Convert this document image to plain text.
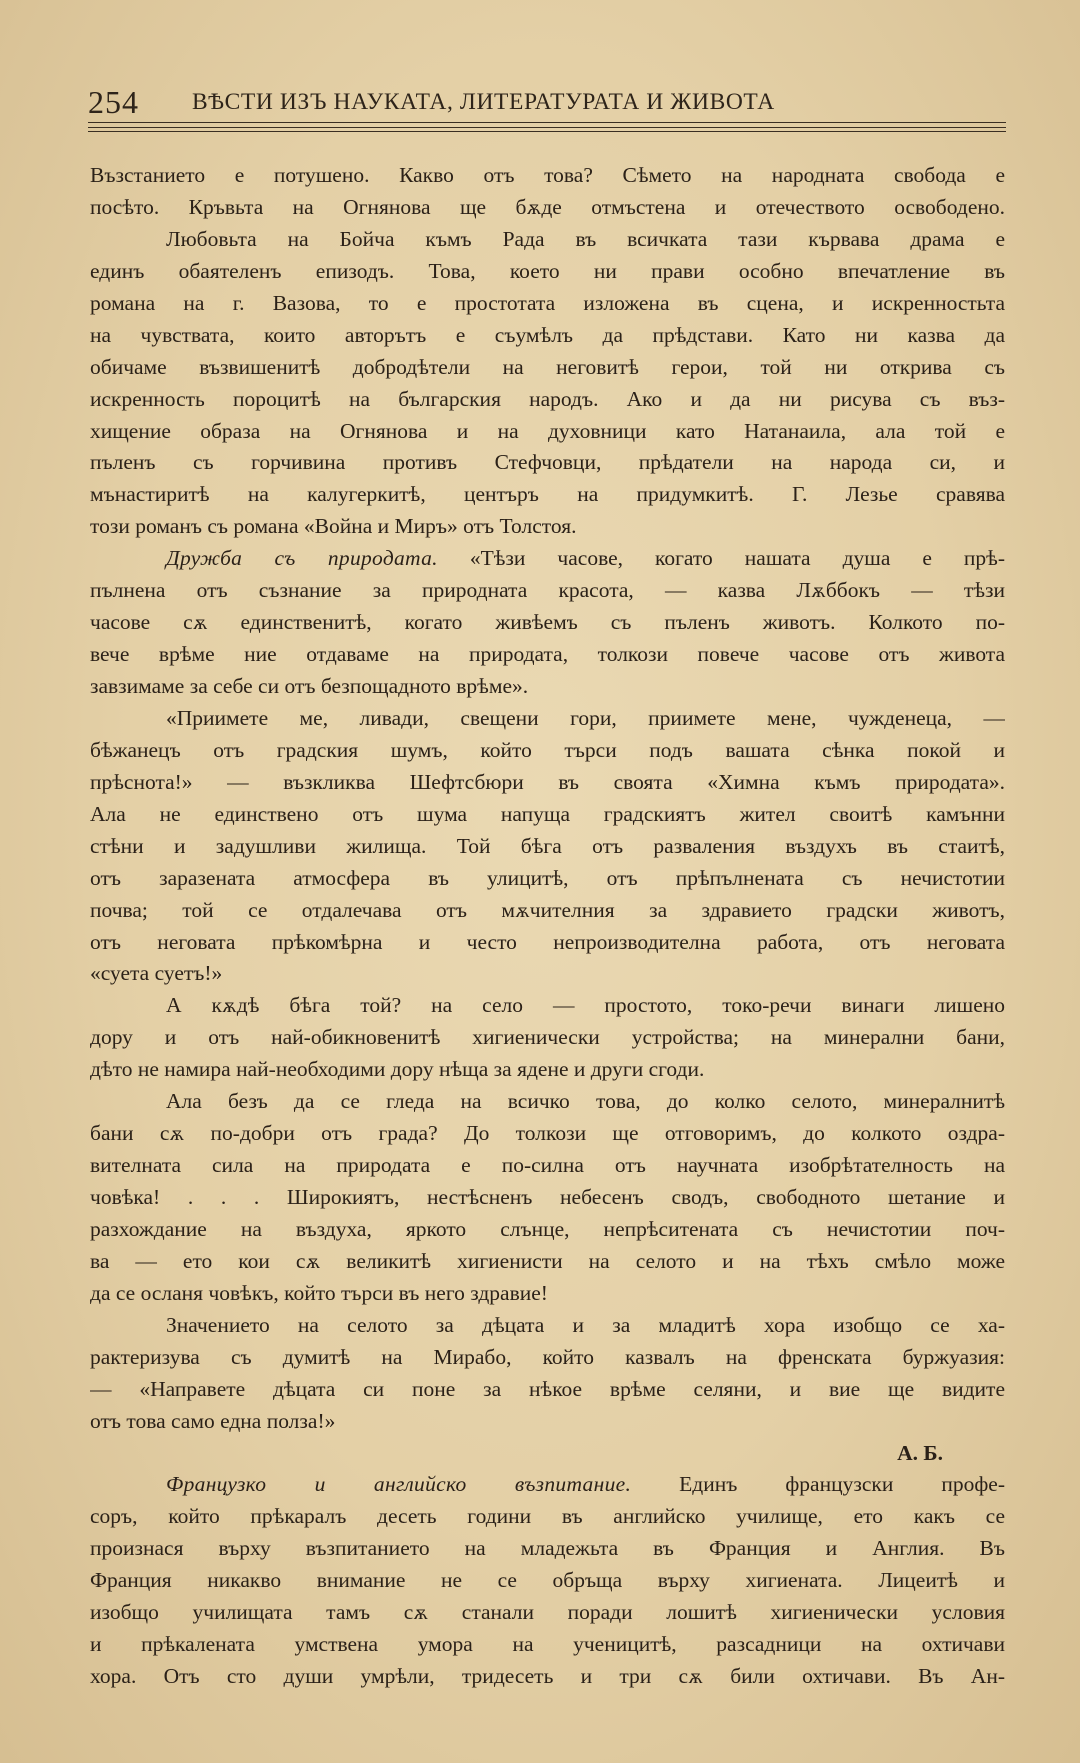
254 ВѢСТИ ИЗЪ НАУКАТА, ЛИТЕРАТУРАТА И ЖИВОТА
Възстанието е потушено. Какво отъ това? Сѣмето на народната свобода е
посѣто. Кръвьта на Огнянова ще бѫде отмъстена и отечеството освободено.
Любовьта на Бойча къмъ Рада въ всичката тази кървава драма е
единъ обаятеленъ епизодъ. Това, което ни прави особно впечатление въ
романа на г. Вазова, то е простотата изложена въ сцена, и искренностьта
на чувствата, които авторътъ е съумѣлъ да прѣдстави. Като ни казва да
обичаме възвишенитѣ добродѣтели на неговитѣ герои, той ни открива съ
искренность пороцитѣ на българския народъ. Ако и да ни рисува съ въз-
хищение образа на Огнянова и на духовници като Натанаила, ала той е
пъленъ съ горчивина противъ Стефчовци, прѣдатели на народа си, и
мънастиритѣ на калугеркитѣ, центъръ на придумкитѣ. Г. Лезье сравява
този романъ съ романа «Война и Миръ» отъ Толстоя.
Дружба съ природата. «Тѣзи часове, когато нашата душа е прѣ-
пълнена отъ съзнание за природната красота, — казва Лѫббокъ — тѣзи
часове сѫ единственитѣ, когато живѣемъ съ пъленъ животъ. Колкото по-
вече врѣме ние отдаваме на природата, толкози повече часове отъ живота
завзимаме за себе си отъ безпощадното врѣме».
«Приимете ме, ливади, свещени гори, приимете мене, чужденеца, —
бѣжанецъ отъ градския шумъ, който търси подъ вашата сѣнка покой и
прѣснота!» — възкликва Шефтсбюри въ своята «Химна къмъ природата».
Ала не единствено отъ шума напуща градскиятъ жител своитѣ камънни
стѣни и задушливи жилища. Той бѣга отъ разваления въздухъ въ стаитѣ,
отъ заразената атмосфера въ улицитѣ, отъ прѣпълнената съ нечистотии
почва; той се отдалечава отъ мѫчителния за здравието градски животъ,
отъ неговата прѣкомѣрна и често непроизводителна работа, отъ неговата
«суета суетъ!»
А кѫдѣ бѣга той? на село — простото, токо-речи винаги лишено
дору и отъ най-обикновенитѣ хигиенически устройства; на минерални бани,
дѣто не намира най-необходими дору нѣща за ядене и други сгоди.
Ала безъ да се гледа на всичко това, до колко селото, минералнитѣ
бани сѫ по-добри отъ града? До толкози ще отговоримъ, до колкото оздра-
вителната сила на природата е по-силна отъ научната изобрѣтателность на
човѣка! . . . Широкиятъ, нестѣсненъ небесенъ сводъ, свободното шетание и
разхождание на въздуха, яркото слънце, непрѣситената съ нечистотии поч-
ва — ето кои сѫ великитѣ хигиенисти на селото и на тѣхъ смѣло може
да се осланя човѣкъ, който търси въ него здравие!
Значението на селото за дѣцата и за младитѣ хора изобщо се ха-
рактеризува съ думитѣ на Мирабо, който казвалъ на френската буржуазия:
— «Направете дѣцата си поне за нѣкое врѣме селяни, и вие ще видите
отъ това само една полза!»
А. Б.
Французко и английско възпитание. Единъ французски профе-
соръ, който прѣкаралъ десеть години въ английско училище, ето какъ се
произнася върху възпитанието на младежьта въ Франция и Англия. Въ
Франция никакво внимание не се обръща върху хигиената. Лицеитѣ и
изобщо училищата тамъ сѫ станали поради лошитѣ хигиенически условия
и прѣкалената умствена умора на ученицитѣ, разсадници на охтичави
хора. Отъ сто души умрѣли, тридесеть и три сѫ били охтичави. Въ Ан-
